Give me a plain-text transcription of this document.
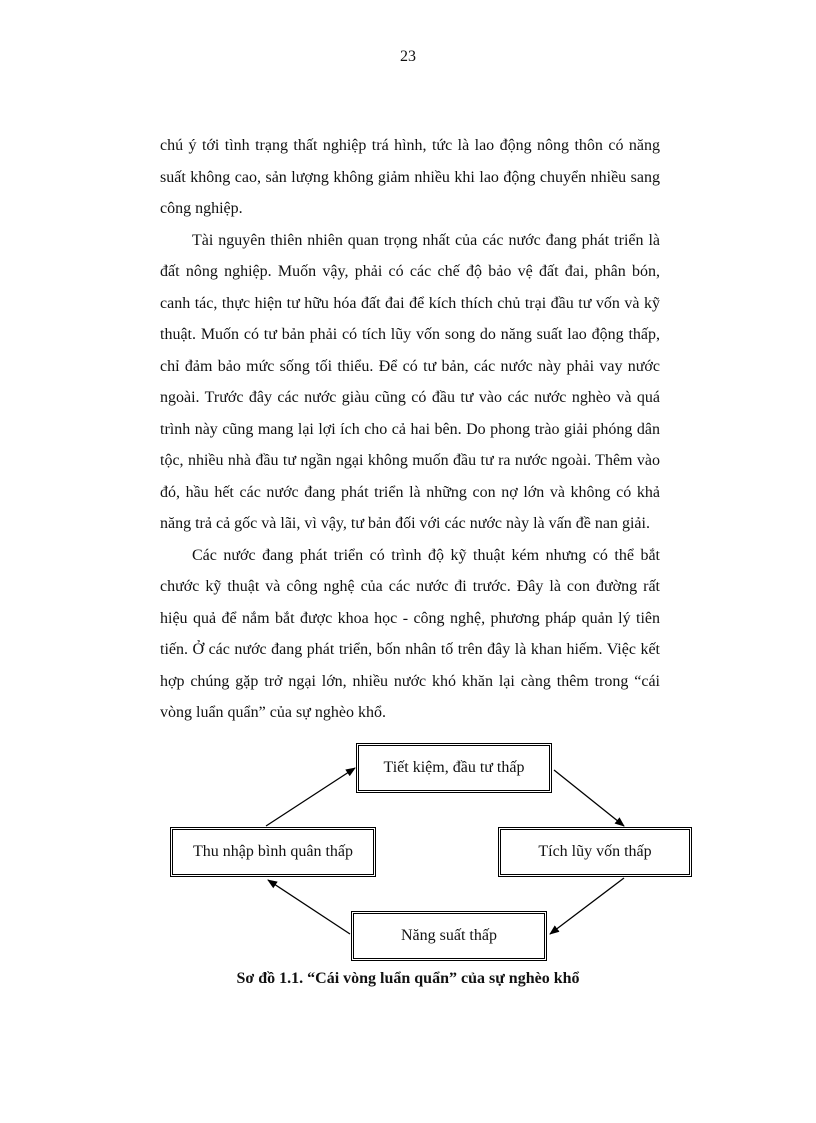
23

chú ý tới tình trạng thất nghiệp trá hình, tức là lao động nông thôn có năng suất không cao, sản lượng không giảm nhiều khi lao động chuyển nhiều sang công nghiệp.

Tài nguyên thiên nhiên quan trọng nhất của các nước đang phát triển là đất nông nghiệp. Muốn vậy, phải có các chế độ bảo vệ đất đai, phân bón, canh tác, thực hiện tư hữu hóa đất đai để kích thích chủ trại đầu tư vốn và kỹ thuật. Muốn có tư bản phải có tích lũy vốn song do năng suất lao động thấp, chỉ đảm bảo mức sống tối thiểu. Để có tư bản, các nước này phải vay nước ngoài. Trước đây các nước giàu cũng có đầu tư vào các nước nghèo và quá trình này cũng mang lại lợi ích cho cả hai bên. Do phong trào giải phóng dân tộc, nhiều nhà đầu tư ngần ngại không muốn đầu tư ra nước ngoài. Thêm vào đó, hầu hết các nước đang phát triển là những con nợ lớn và không có khả năng trả cả gốc và lãi, vì vậy, tư bản đối với các nước này là vấn đề nan giải.

Các nước đang phát triển có trình độ kỹ thuật kém nhưng có thể bắt chước kỹ thuật và công nghệ của các nước đi trước. Đây là con đường rất hiệu quả để nắm bắt được khoa học - công nghệ, phương pháp quản lý tiên tiến. Ở các nước đang phát triển, bốn nhân tố trên đây là khan hiếm. Việc kết hợp chúng gặp trở ngại lớn, nhiều nước khó khăn lại càng thêm trong “cái vòng luẩn quẩn” của sự nghèo khổ.

Tiết kiệm, đầu tư thấp
Thu nhập bình quân thấp	Tích lũy vốn thấp
Năng suất thấp
Sơ đồ 1.1. “Cái vòng luẩn quẩn” của sự nghèo khổ
